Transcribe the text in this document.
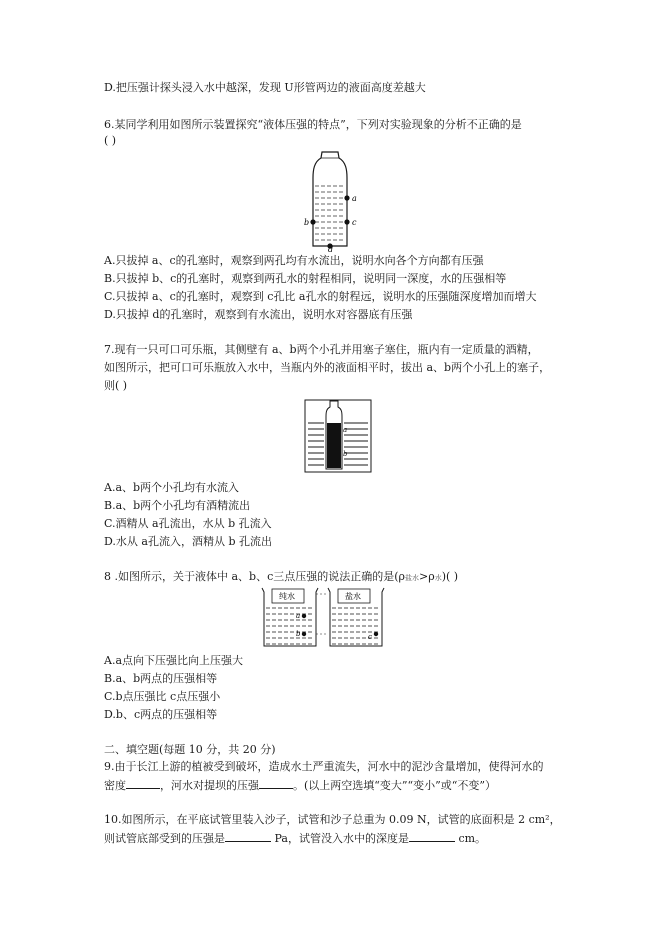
D.把压强计探头浸入水中越深，发现 U形管两边的液面高度差越大
6.某同学利用如图所示装置探究“液体压强的特点”，下列对实验现象的分析不正确的是
( )
a
b	c
d
A.只拔掉 a、c的孔塞时，观察到两孔均有水流出，说明水向各个方向都有压强
B.只拔掉 b、c的孔塞时，观察到两孔水的射程相同，说明同一深度，水的压强相等
C.只拔掉 a、c的孔塞时，观察到 c孔比 a孔水的射程远，说明水的压强随深度增加而增大
D.只拔掉 d的孔塞时，观察到有水流出，说明水对容器底有压强
7.现有一只可口可乐瓶，其侧壁有 a、b两个小孔并用塞子塞住，瓶内有一定质量的酒精，
如图所示，把可口可乐瓶放入水中，当瓶内外的液面相平时，拔出 a、b两个小孔上的塞子，
则( )
a
b
A.a、b两个小孔均有水流入
B.a、b两个小孔均有酒精流出
C.酒精从 a孔流出，水从 b 孔流入
D.水从 a孔流入，酒精从 b 孔流出
8 .如图所示，关于液体中 a、b、c三点压强的说法正确的是(ρ盐水>ρ水)( )
纯水	盐水
a
b	c
A.a点向下压强比向上压强大
B.a、b两点的压强相等
C.b点压强比 c点压强小
D.b、c两点的压强相等
二、填空题(每题 10 分，共 20 分)
9.由于长江上游的植被受到破坏，造成水土严重流失，河水中的泥沙含量增加，使得河水的
密度	，河水对提坝的压强	。(以上两空选填“变大”“变小”或“不变”）
10.如图所示，在平底试管里装入沙子，试管和沙子总重为 0.09 N，试管的底面积是 2 cm²，
则试管底部受到的压强是	Pa，试管没入水中的深度是	cm。
